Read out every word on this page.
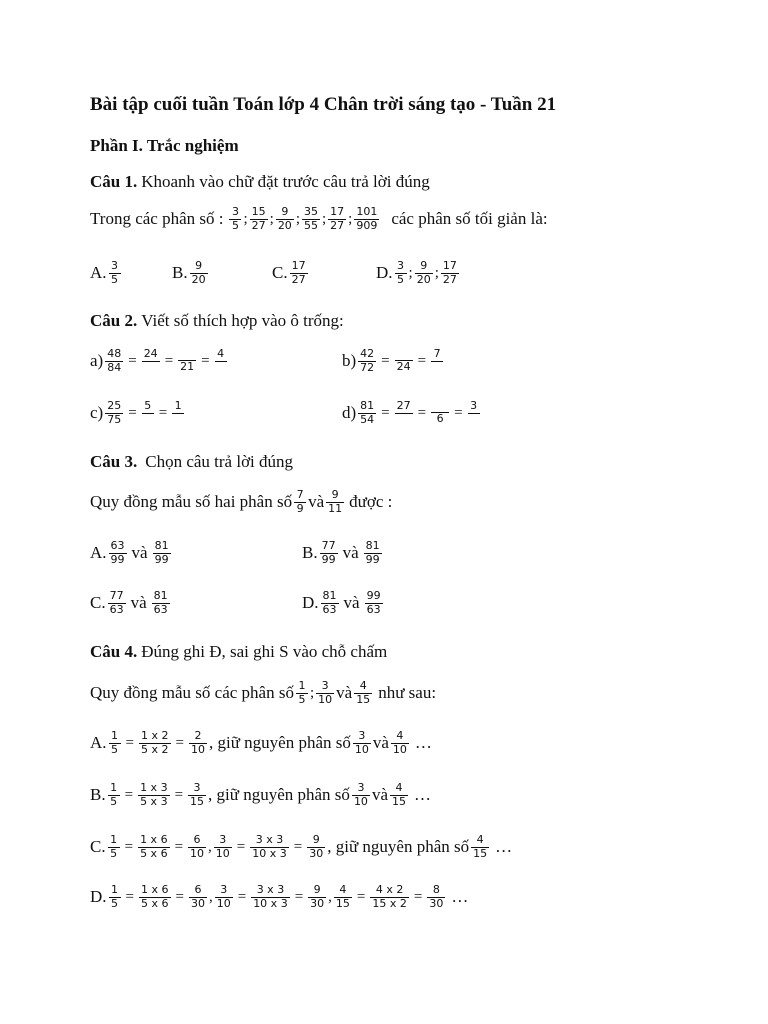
Bài tập cuối tuần Toán lớp 4 Chân trời sáng tạo - Tuần 21
Phần I. Trắc nghiệm
Câu 1. Khoanh vào chữ đặt trước câu trả lời đúng
Trong các phân số : 3
5 ; 15
27 ; 9
20 ; 35
55 ; 17
27 ; 101
909 các phân số tối giản là:
A. 3
5	B. 9
20	C. 17
27	D. 3
5 ; 9
20 ; 17
27
Câu 2. Viết số thích hợp vào ô trống:
a) 48
84 = 24 = 21 = 4	b) 42
72 = 24 = 7
c) 25
75 = 5 = 1	d) 81
54 = 27 = 6 = 3
Câu 3. Chọn câu trả lời đúng
Quy đồng mẫu số hai phân số 7
9 và 9
11 được :
A. 63
99 và 81
99	B. 77
99 và 81
99
C. 77
63 và 81
63	D. 81
63 và 99
63
Câu 4. Đúng ghi Đ, sai ghi S vào chỗ chấm
Quy đồng mẫu số các phân số 1
5 ; 3
10 và 4
15 như sau:
A. 1
5 = 1 x 2
5 x 2 = 2
10 , giữ nguyên phân số 3
10 và 4
10 …
B. 1
5 = 1 x 3
5 x 3 = 3
15 , giữ nguyên phân số 3
10 và 4
15 …
C. 1
5 = 1 x 6
5 x 6 = 6
10 , 3
10 = 3 x 3
10 x 3 = 9
30 , giữ nguyên phân số 4
15 …
D. 1
5 = 1 x 6
5 x 6 = 6
30 , 3
10 = 3 x 3
10 x 3 = 9
30 , 4
15 = 4 x 2
15 x 2 = 8
30 …
